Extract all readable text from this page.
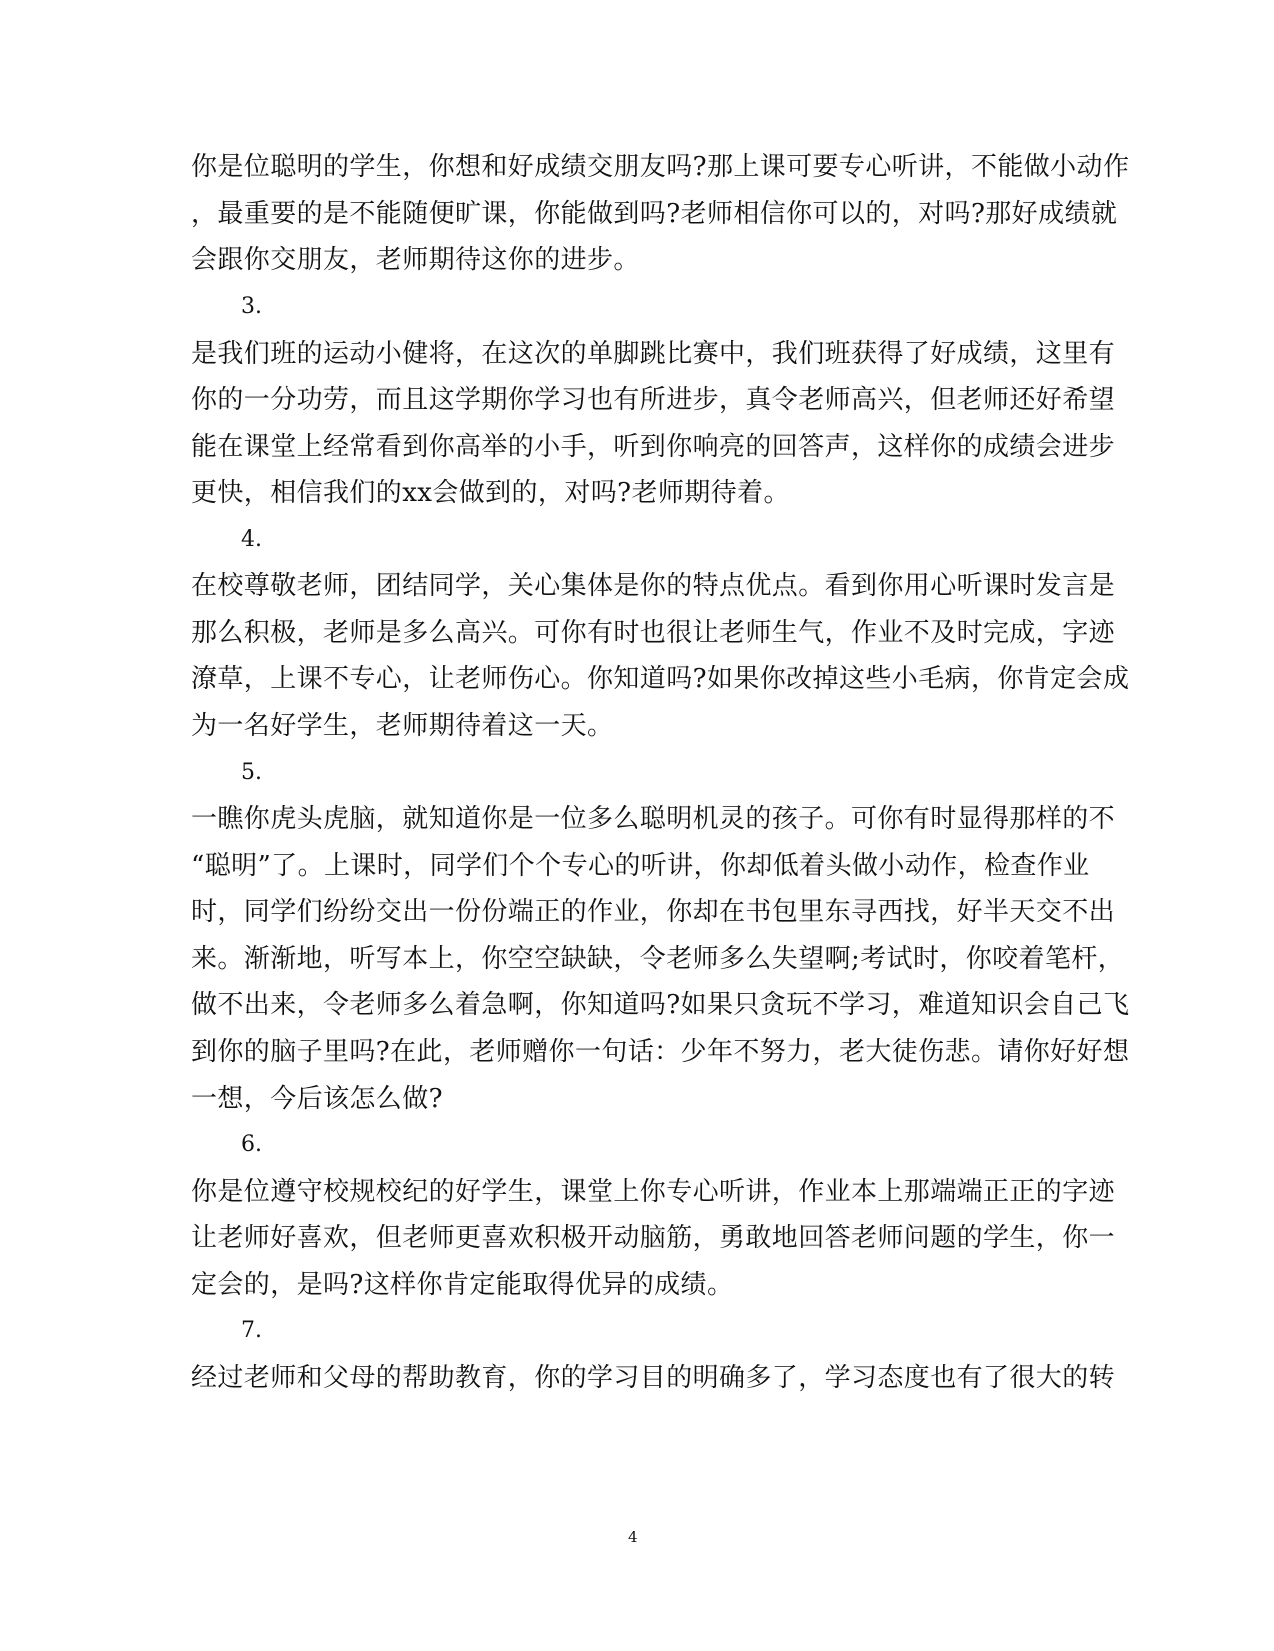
你是位聪明的学生，你想和好成绩交朋友吗?那上课可要专心听讲，不能做小动作
，最重要的是不能随便旷课，你能做到吗?老师相信你可以的，对吗?那好成绩就
会跟你交朋友，老师期待这你的进步。
3.
是我们班的运动小健将，在这次的单脚跳比赛中，我们班获得了好成绩，这里有
你的一分功劳，而且这学期你学习也有所进步，真令老师高兴，但老师还好希望
能在课堂上经常看到你高举的小手，听到你响亮的回答声，这样你的成绩会进步
更快，相信我们的xx会做到的，对吗?老师期待着。
4.
在校尊敬老师，团结同学，关心集体是你的特点优点。看到你用心听课时发言是
那么积极，老师是多么高兴。可你有时也很让老师生气，作业不及时完成，字迹
潦草，上课不专心，让老师伤心。你知道吗?如果你改掉这些小毛病，你肯定会成
为一名好学生，老师期待着这一天。
5.
一瞧你虎头虎脑，就知道你是一位多么聪明机灵的孩子。可你有时显得那样的不
“聪明”了。上课时，同学们个个专心的听讲，你却低着头做小动作，检查作业
时，同学们纷纷交出一份份端正的作业，你却在书包里东寻西找，好半天交不出
来。渐渐地，听写本上，你空空缺缺，令老师多么失望啊;考试时，你咬着笔杆，
做不出来，令老师多么着急啊，你知道吗?如果只贪玩不学习，难道知识会自己飞
到你的脑子里吗?在此，老师赠你一句话：少年不努力，老大徒伤悲。请你好好想
一想，今后该怎么做?
6.
你是位遵守校规校纪的好学生，课堂上你专心听讲，作业本上那端端正正的字迹
让老师好喜欢，但老师更喜欢积极开动脑筋，勇敢地回答老师问题的学生，你一
定会的，是吗?这样你肯定能取得优异的成绩。
7.
经过老师和父母的帮助教育，你的学习目的明确多了，学习态度也有了很大的转
4
